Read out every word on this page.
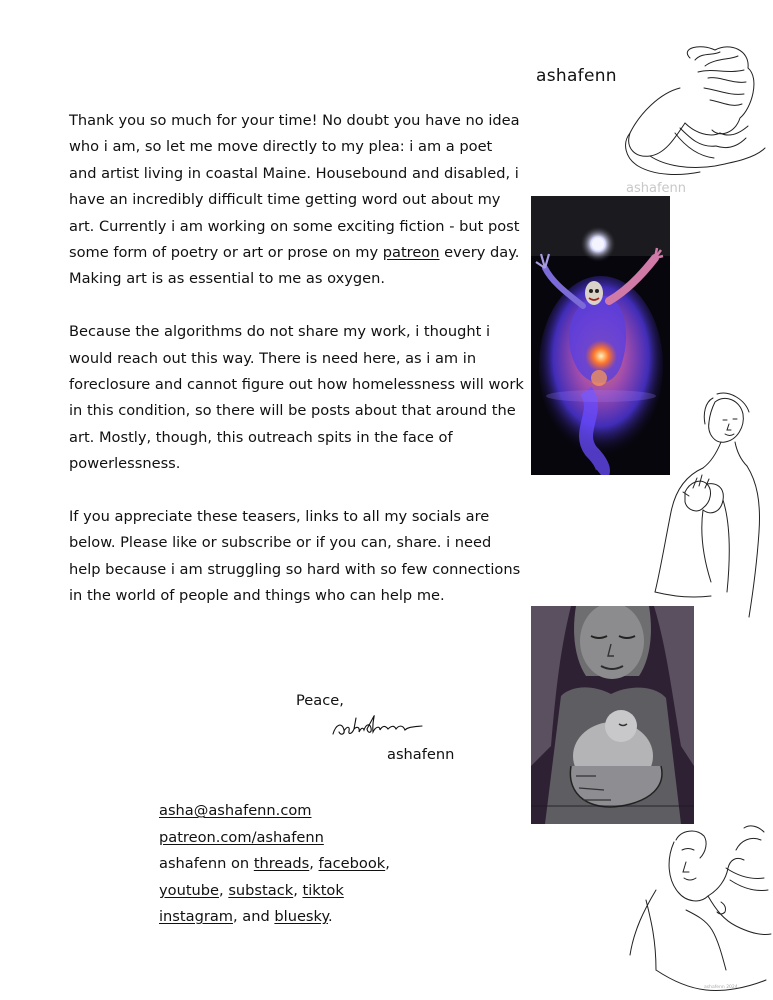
ashafenn

Thank you so much for your time! No doubt you have no idea who i am, so let me move directly to my plea: i am a poet and artist living in coastal Maine. Housebound and disabled, i have an incredibly difficult time getting word out about my art. Currently i am working on some exciting fiction - but post some form of poetry or art or prose on my patreon every day. Making art is as essential to me as oxygen.

Because the algorithms do not share my work, i thought i would reach out this way. There is need here, as i am in foreclosure and cannot figure out how homelessness will work in this condition, so there will be posts about that around the art. Mostly, though, this outreach spits in the face of powerlessness.

If you appreciate these teasers, links to all my socials are below. Please like or subscribe or if you can, share. i need help because i am struggling so hard with so few connections in the world of people and things who can help me.

Peace,
ashafenn
asha@ashafenn.com
patreon.com/ashafenn
ashafenn on threads, facebook,
youtube, substack, tiktok
instagram, and bluesky.
ashafenn
ashafenn 2024
